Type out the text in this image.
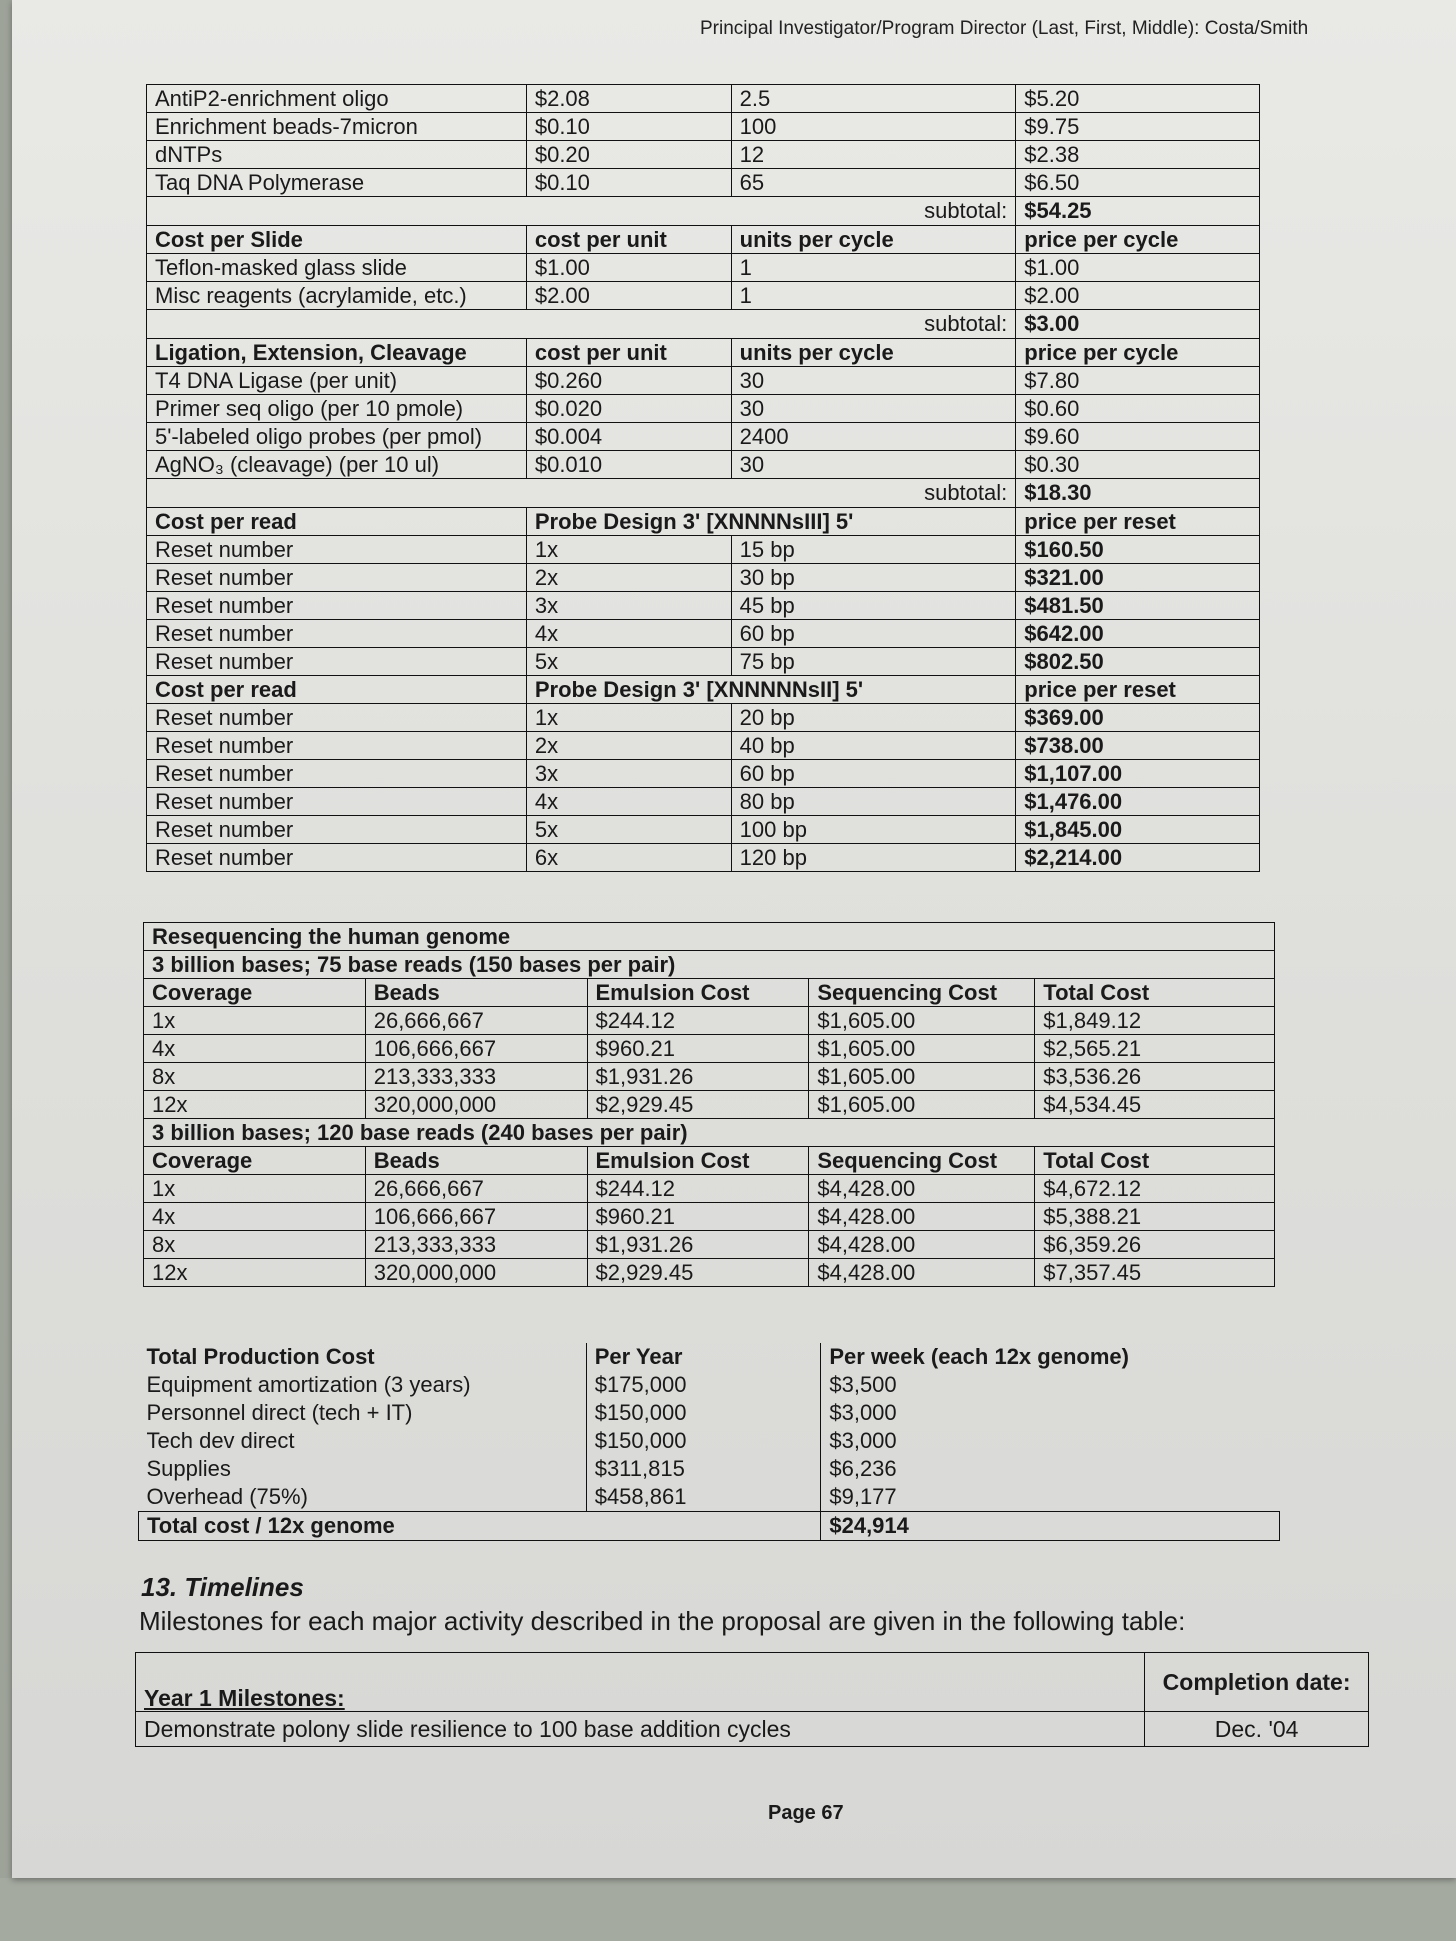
Principal Investigator/Program Director (Last, First, Middle): Costa/Smith
AntiP2-enrichment oligo	$2.08	2.5	$5.20
Enrichment beads-7micron	$0.10	100	$9.75
dNTPs	$0.20	12	$2.38
Taq DNA Polymerase	$0.10	65	$6.50
subtotal:			$54.25
Cost per Slide	cost per unit	units per cycle	price per cycle
Teflon-masked glass slide	$1.00	1	$1.00
Misc reagents (acrylamide, etc.)	$2.00	1	$2.00
subtotal:			$3.00
Ligation, Extension, Cleavage	cost per unit	units per cycle	price per cycle
T4 DNA Ligase (per unit)	$0.260	30	$7.80
Primer seq oligo (per 10 pmole)	$0.020	30	$0.60
5'-labeled oligo probes (per pmol)	$0.004	2400	$9.60
AgNO₃ (cleavage) (per 10 ul)	$0.010	30	$0.30
subtotal:			$18.30
Cost per read	Probe Design 3' [XNNNNsIII] 5'		price per reset
Reset number	1x	15 bp	$160.50
Reset number	2x	30 bp	$321.00
Reset number	3x	45 bp	$481.50
Reset number	4x	60 bp	$642.00
Reset number	5x	75 bp	$802.50
Cost per read	Probe Design 3' [XNNNNNsII] 5'		price per reset
Reset number	1x	20 bp	$369.00
Reset number	2x	40 bp	$738.00
Reset number	3x	60 bp	$1,107.00
Reset number	4x	80 bp	$1,476.00
Reset number	5x	100 bp	$1,845.00
Reset number	6x	120 bp	$2,214.00
Resequencing the human genome				
3 billion bases; 75 base reads (150 bases per pair)				
Coverage	Beads	Emulsion Cost	Sequencing Cost	Total Cost
1x	26,666,667	$244.12	$1,605.00	$1,849.12
4x	106,666,667	$960.21	$1,605.00	$2,565.21
8x	213,333,333	$1,931.26	$1,605.00	$3,536.26
12x	320,000,000	$2,929.45	$1,605.00	$4,534.45
3 billion bases; 120 base reads (240 bases per pair)				
Coverage	Beads	Emulsion Cost	Sequencing Cost	Total Cost
1x	26,666,667	$244.12	$4,428.00	$4,672.12
4x	106,666,667	$960.21	$4,428.00	$5,388.21
8x	213,333,333	$1,931.26	$4,428.00	$6,359.26
12x	320,000,000	$2,929.45	$4,428.00	$7,357.45
Total Production Cost	Per Year	Per week (each 12x genome)
Equipment amortization (3 years)	$175,000	$3,500
Personnel direct (tech + IT)	$150,000	$3,000
Tech dev direct	$150,000	$3,000
Supplies	$311,815	$6,236
Overhead (75%)	$458,861	$9,177
Total cost / 12x genome		$24,914
13. Timelines
Milestones for each major activity described in the proposal are given in the following table:
Year 1 Milestones:	Completion date:
Demonstrate polony slide resilience to 100 base addition cycles	Dec. '04
Page 67
